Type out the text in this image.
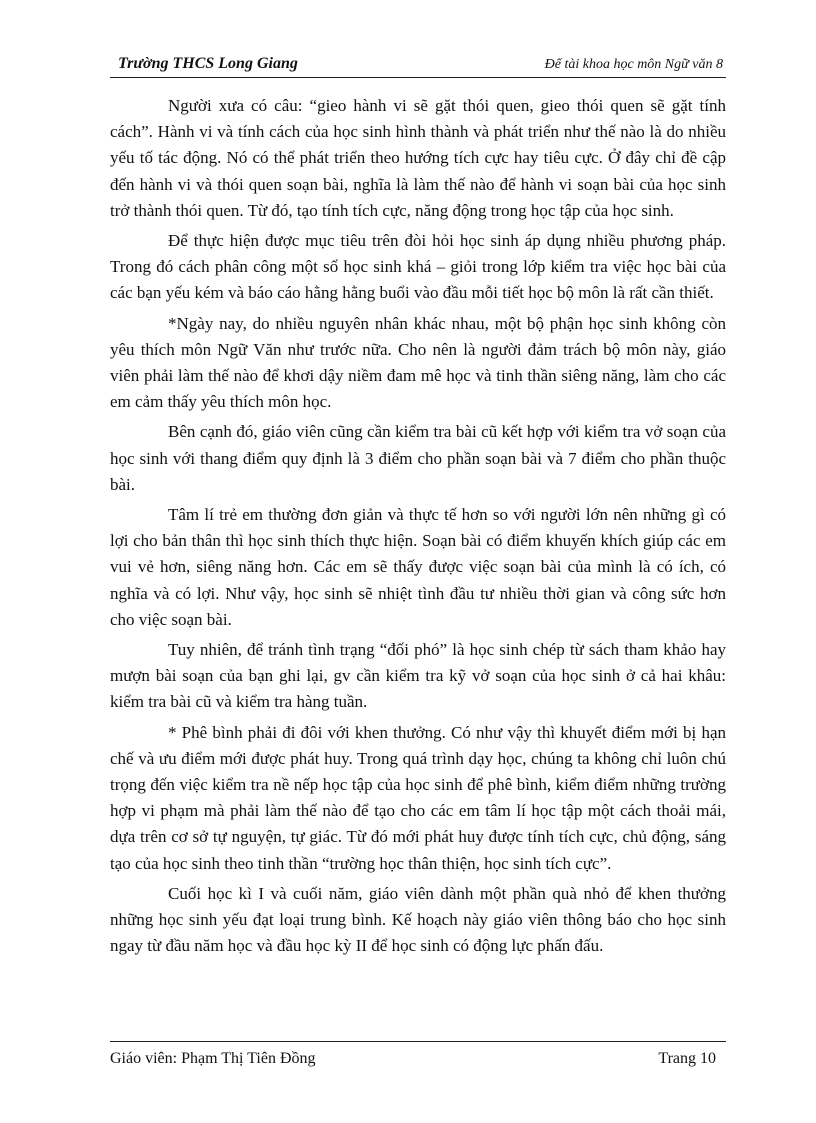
Trường THCS Long Giang	Để tài khoa học môn Ngữ văn 8

Người xưa có câu: “gieo hành vi sẽ gặt thói quen, gieo thói quen sẽ gặt tính cách”. Hành vi và tính cách của học sinh hình thành và phát triển như thế nào là do nhiều yếu tố tác động. Nó có thể phát triển theo hướng tích cực hay tiêu cực. Ở đây chỉ đề cập đến hành vi và thói quen soạn bài, nghĩa là làm thế nào để hành vi soạn bài của học sinh trở thành thói quen. Từ đó, tạo tính tích cực, năng động trong học tập của học sinh.

Để thực hiện được mục tiêu trên đòi hỏi học sinh áp dụng nhiều phương pháp. Trong đó cách phân công một số học sinh khá – giỏi trong lớp kiểm tra việc học bài của các bạn yếu kém và báo cáo hằng hằng buổi vào đầu mỗi tiết học bộ môn là rất cần thiết.

*Ngày nay, do nhiều nguyên nhân khác nhau, một bộ phận học sinh không còn yêu thích môn Ngữ Văn như trước nữa. Cho nên là người đảm trách bộ môn này, giáo viên phải làm thế nào để khơi dậy niềm đam mê học và tinh thần siêng năng, làm cho các em cảm thấy yêu thích môn học.

Bên cạnh đó, giáo viên cũng cần kiểm tra bài cũ kết hợp với kiểm tra vở soạn của học sinh với thang điểm quy định là 3 điểm cho phần soạn bài và 7 điểm cho phần thuộc bài.

Tâm lí trẻ em thường đơn giản và thực tế hơn so với người lớn nên những gì có lợi cho bản thân thì học sinh thích thực hiện. Soạn bài có điểm khuyến khích giúp các em vui vẻ hơn, siêng năng hơn. Các em sẽ thấy được việc soạn bài của mình là có ích, có nghĩa và có lợi. Như vậy, học sinh sẽ nhiệt tình đầu tư nhiều thời gian và công sức hơn cho việc soạn bài.

Tuy nhiên, để tránh tình trạng “đối phó” là học sinh chép từ sách tham khảo hay mượn bài soạn của bạn ghi lại, gv cần kiểm tra kỹ vở soạn của học sinh ở cả hai khâu: kiểm tra bài cũ và kiểm tra hàng tuần.

* Phê bình phải đi đôi với khen thưởng. Có như vậy thì khuyết điểm mới bị hạn chế và ưu điểm mới được phát huy. Trong quá trình dạy học, chúng ta không chỉ luôn chú trọng đến việc kiểm tra nề nếp học tập của học sinh để phê bình, kiểm điểm những trường hợp vi phạm mà phải làm thế nào để tạo cho các em tâm lí học tập một cách thoải mái, dựa trên cơ sở tự nguyện, tự giác. Từ đó mới phát huy được tính tích cực, chủ động, sáng tạo của học sinh theo tinh thần “trường học thân thiện, học sinh tích cực”.

Cuối học kì I và cuối năm, giáo viên dành một phần quà nhỏ để khen thưởng những học sinh yếu đạt loại trung bình. Kế hoạch này giáo viên thông báo cho học sinh ngay từ đầu năm học và đầu học kỳ II để học sinh có động lực phấn đấu.

Giáo viên: Phạm Thị Tiên Đồng	Trang 10
